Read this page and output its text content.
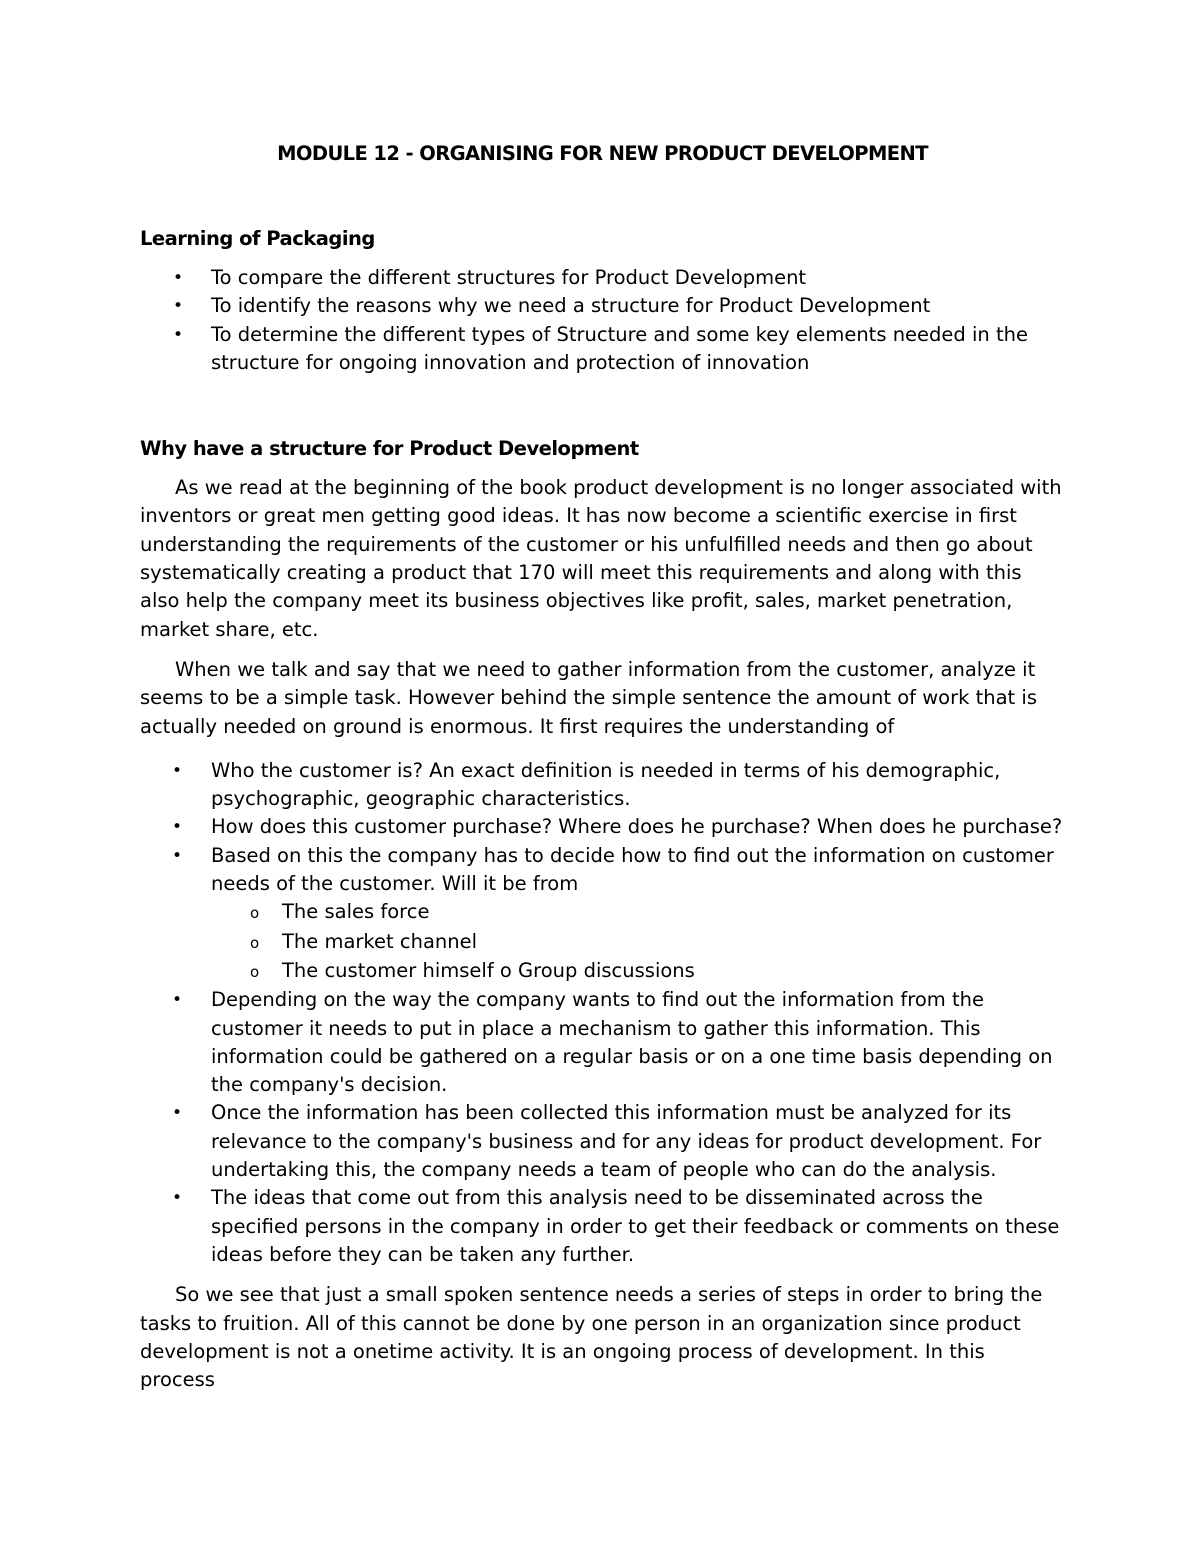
MODULE 12 - ORGANISING FOR NEW PRODUCT DEVELOPMENT
Learning of Packaging
• To compare the different structures for Product Development
• To identify the reasons why we need a structure for Product Development
• To determine the different types of Structure and some key elements needed in the structure for ongoing innovation and protection of innovation
Why have a structure for Product Development

As we read at the beginning of the book product development is no longer associated with inventors or great men getting good ideas. It has now become a scientific exercise in first understanding the requirements of the customer or his unfulfilled needs and then go about systematically creating a product that 170 will meet this requirements and along with this also help the company meet its business objectives like profit, sales, market penetration, market share, etc.

When we talk and say that we need to gather information from the customer, analyze it seems to be a simple task. However behind the simple sentence the amount of work that is actually needed on ground is enormous. It first requires the understanding of

• Who the customer is? An exact definition is needed in terms of his demographic, psychographic, geographic characteristics.
• How does this customer purchase? Where does he purchase? When does he purchase?
• Based on this the company has to decide how to find out the information on customer needs of the customer. Will it be from
o The sales force
o The market channel
o The customer himself o Group discussions
• Depending on the way the company wants to find out the information from the customer it needs to put in place a mechanism to gather this information. This information could be gathered on a regular basis or on a one time basis depending on the company's decision.
• Once the information has been collected this information must be analyzed for its relevance to the company's business and for any ideas for product development. For undertaking this, the company needs a team of people who can do the analysis.
• The ideas that come out from this analysis need to be disseminated across the specified persons in the company in order to get their feedback or comments on these ideas before they can be taken any further.

So we see that just a small spoken sentence needs a series of steps in order to bring the tasks to fruition. All of this cannot be done by one person in an organization since product development is not a onetime activity. It is an ongoing process of development. In this process
